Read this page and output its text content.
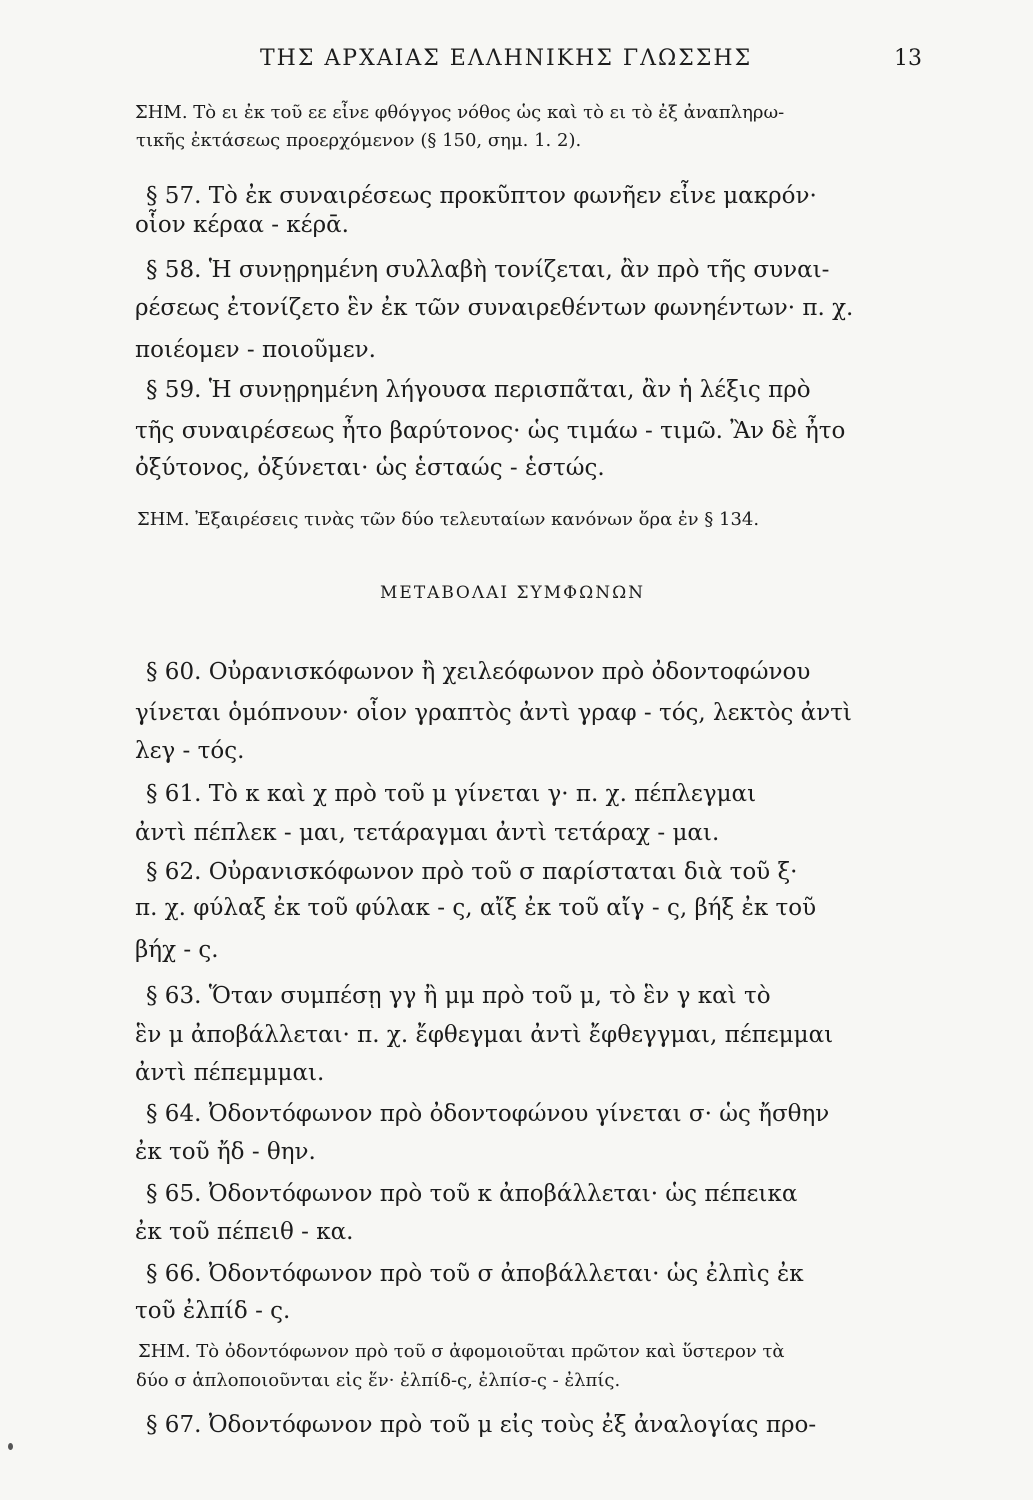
ΤΗΣ ΑΡΧΑΙΑΣ ΕΛΛΗΝΙΚΗΣ ΓΛΩΣΣΗΣ	13
ΣΗΜ. Τὸ ει ἐκ τοῦ εε εἶνε φθόγγος νόθος ὡς καὶ τὸ ει τὸ ἐξ ἀναπληρω-
τικῆς ἐκτάσεως προερχόμενον (§ 150, σημ. 1. 2).
§ 57. Τὸ ἐκ συναιρέσεως προκῦπτον φωνῆεν εἶνε μακρόν·
οἷον κέραα - κέρᾱ.
§ 58. Ἡ συνῃρημένη συλλαβὴ τονίζεται, ἂν πρὸ τῆς συναι-
ρέσεως ἐτονίζετο ἓν ἐκ τῶν συναιρεθέντων φωνηέντων· π. χ.
ποιέομεν - ποιοῦμεν.
§ 59. Ἡ συνῃρημένη λήγουσα περισπᾶται, ἂν ἡ λέξις πρὸ
τῆς συναιρέσεως ἦτο βαρύτονος· ὡς τιμάω - τιμῶ. Ἂν δὲ ἦτο
ὀξύτονος, ὀξύνεται· ὡς ἑσταώς - ἑστώς.
ΣΗΜ. Ἐξαιρέσεις τινὰς τῶν δύο τελευταίων κανόνων ὅρα ἐν § 134.
ΜΕΤΑΒΟΛΑΙ ΣΥΜΦΩΝΩΝ
§ 60. Οὐρανισκόφωνον ἢ χειλεόφωνον πρὸ ὀδοντοφώνου
γίνεται ὁμόπνουν· οἷον γραπτὸς ἀντὶ γραφ - τός, λεκτὸς ἀντὶ
λεγ - τός.
§ 61. Τὸ κ καὶ χ πρὸ τοῦ μ γίνεται γ· π. χ. πέπλεγμαι
ἀντὶ πέπλεκ - μαι, τετάραγμαι ἀντὶ τετάραχ - μαι.
§ 62. Οὐρανισκόφωνον πρὸ τοῦ σ παρίσταται διὰ τοῦ ξ·
π. χ. φύλαξ ἐκ τοῦ φύλακ - ς, αἴξ ἐκ τοῦ αἴγ - ς, βήξ ἐκ τοῦ
βήχ - ς.
§ 63. Ὅταν συμπέσῃ γγ ἢ μμ πρὸ τοῦ μ, τὸ ἓν γ καὶ τὸ
ἓν μ ἀποβάλλεται· π. χ. ἔφθεγμαι ἀντὶ ἔφθεγγμαι, πέπεμμαι
ἀντὶ πέπεμμμαι.
§ 64. Ὀδοντόφωνον πρὸ ὀδοντοφώνου γίνεται σ· ὡς ἤσθην
ἐκ τοῦ ἤδ - θην.
§ 65. Ὀδοντόφωνον πρὸ τοῦ κ ἀποβάλλεται· ὡς πέπεικα
ἐκ τοῦ πέπειθ - κα.
§ 66. Ὀδοντόφωνον πρὸ τοῦ σ ἀποβάλλεται· ὡς ἐλπὶς ἐκ
τοῦ ἐλπίδ - ς.
ΣΗΜ. Τὸ ὀδοντόφωνον πρὸ τοῦ σ ἀφομοιοῦται πρῶτον καὶ ὕστερον τὰ
δύο σ ἁπλοποιοῦνται εἰς ἕν· ἐλπίδ-ς, ἐλπίσ-ς - ἐλπίς.
§ 67. Ὀδοντόφωνον πρὸ τοῦ μ εἰς τοὺς ἐξ ἀναλογίας προ-
